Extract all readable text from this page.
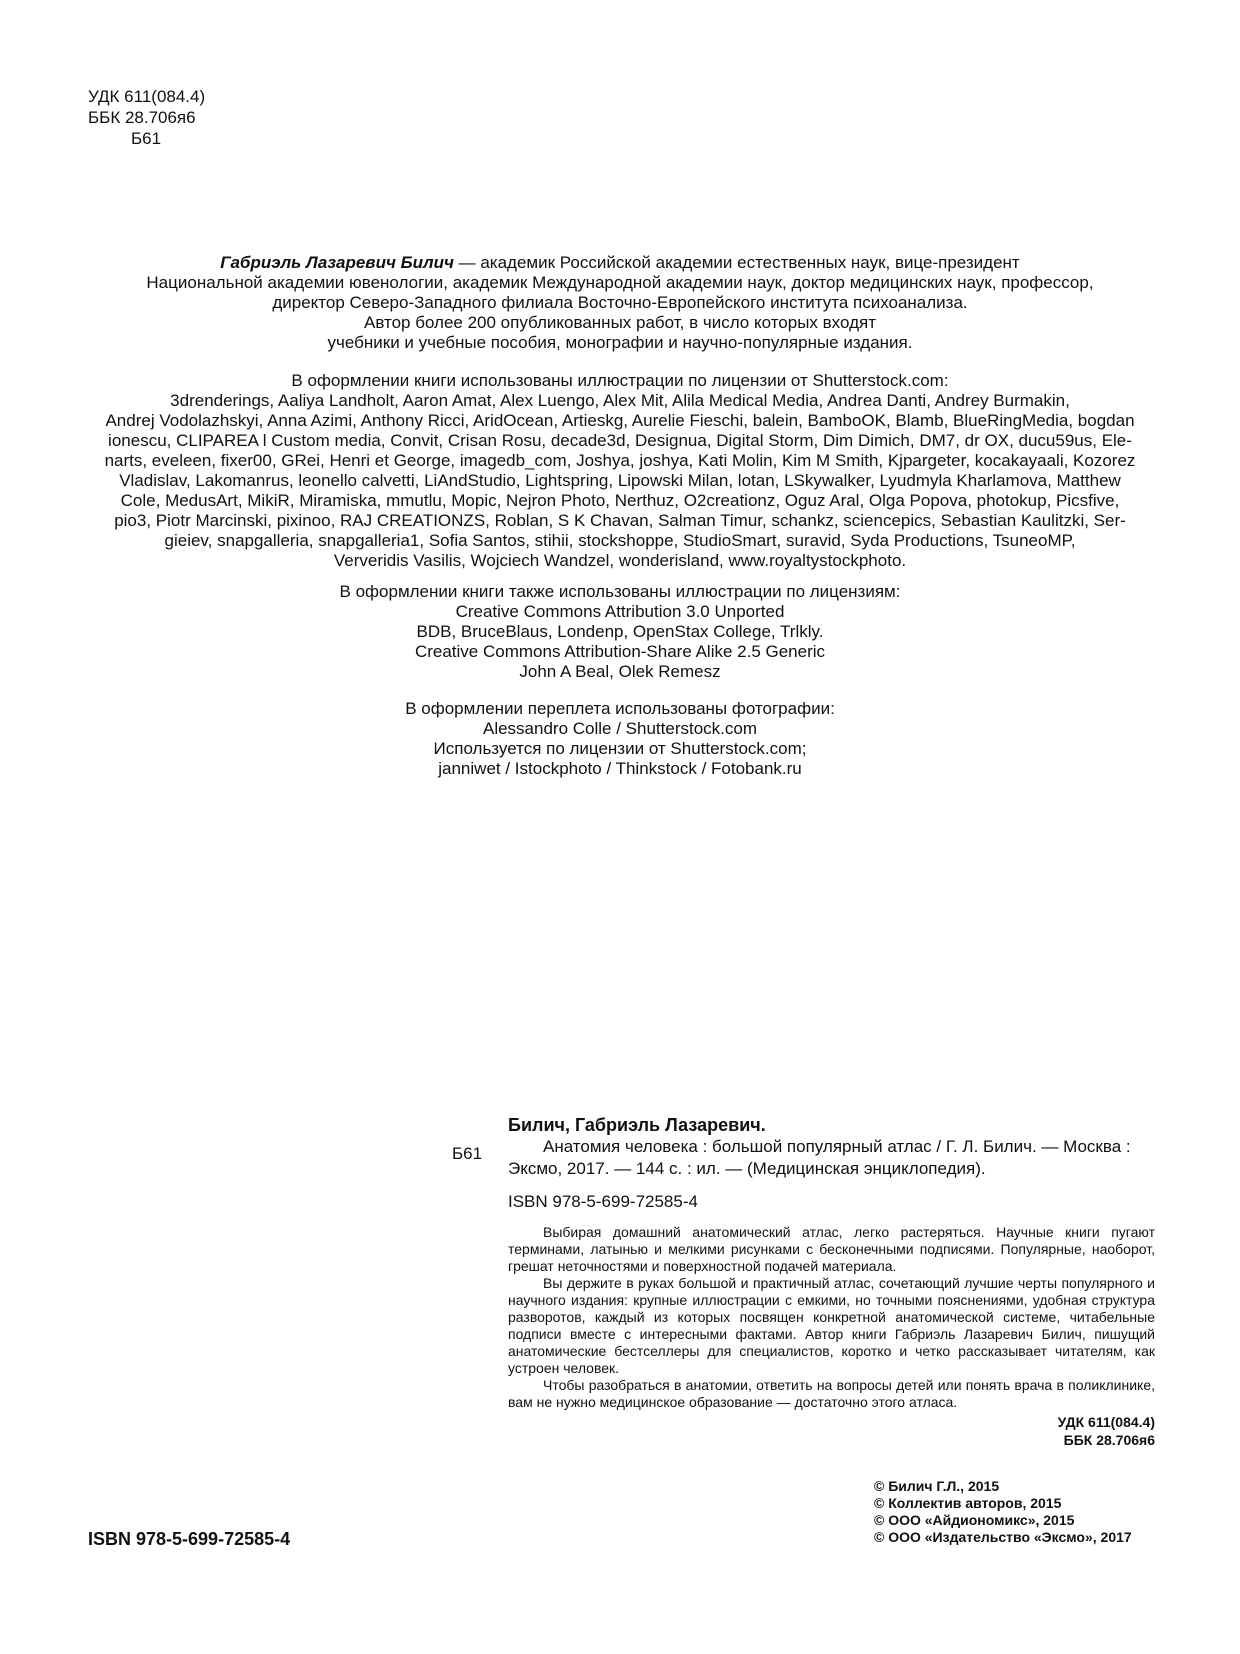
УДК 611(084.4)
ББК 28.706я6
Б61

Габриэль Лазаревич Билич — академик Российской академии естественных наук, вице-президент

Национальной академии ювенологии, академик Международной академии наук, доктор медицинских наук, профессор,

директор Северо-Западного филиала Восточно-Европейского института психоанализа.

Автор более 200 опубликованных работ, в число которых входят

учебники и учебные пособия, монографии и научно-популярные издания.

В оформлении книги использованы иллюстрации по лицензии от Shutterstock.com:

3drenderings, Aaliya Landholt, Aaron Amat, Alex Luengo, Alex Mit, Alila Medical Media, Andrea Danti, Andrey Burmakin,

Andrej Vodolazhskyi, Anna Azimi, Anthony Ricci, AridOcean, Artieskg, Aurelie Fieschi, balein, BamboOK, Blamb, BlueRingMedia, bogdan

ionescu, CLIPAREA l Custom media, Convit, Crisan Rosu, decade3d, Designua, Digital Storm, Dim Dimich, DM7, dr OX, ducu59us, Ele-

narts, eveleen, fixer00, GRei, Henri et George, imagedb_com, Joshya, joshya, Kati Molin, Kim M Smith, Kjpargeter, kocakayaali, Kozorez

Vladislav, Lakomanrus, leonello calvetti, LiAndStudio, Lightspring, Lipowski Milan, lotan, LSkywalker, Lyudmyla Kharlamova, Matthew

Cole, MedusArt, MikiR, Miramiska, mmutlu, Mopic, Nejron Photo, Nerthuz, O2creationz, Oguz Aral, Olga Popova, photokup, Picsfive,

pio3, Piotr Marcinski, pixinoo, RAJ CREATIONZS, Roblan, S K Chavan, Salman Timur, schankz, sciencepics, Sebastian Kaulitzki, Ser-

gieiev, snapgalleria, snapgalleria1, Sofia Santos, stihii, stockshoppe, StudioSmart, suravid, Syda Productions, TsuneoMP,

Ververidis Vasilis, Wojciech Wandzel, wonderisland, www.royaltystockphoto.

В оформлении книги также использованы иллюстрации по лицензиям:

Creative Commons Attribution 3.0 Unported

BDB, BruceBlaus, Londenp, OpenStax College, Trlkly.

Creative Commons Attribution-Share Alike 2.5 Generic

John A Beal, Olek Remesz

В оформлении переплета использованы фотографии:

Alessandro Colle / Shutterstock.com

Используется по лицензии от Shutterstock.com;

janniwet / Istockphoto / Thinkstock / Fotobank.ru

Б61
Билич, Габриэль Лазаревич.

Анатомия человека : большой популярный атлас / Г. Л. Билич. — Москва : Эксмо, 2017. — 144 с. : ил. — (Медицинская энциклопедия).

ISBN 978-5-699-72585-4

Выбирая домашний анатомический атлас, легко растеряться. Научные книги пугают терминами, латынью и мелкими рисунками с бесконечными подписями. Популярные, наоборот, грешат неточностями и поверхностной подачей материала.

Вы держите в руках большой и практичный атлас, сочетающий лучшие черты популярного и научного издания: крупные иллюстрации с емкими, но точными пояснениями, удобная структура разворотов, каждый из которых посвящен конкретной анатомической системе, читабельные подписи вместе с интересными фактами. Автор книги Габриэль Лазаревич Билич, пишущий анатомические бестселлеры для специалистов, коротко и четко рассказывает читателям, как устроен человек.

Чтобы разобраться в анатомии, ответить на вопросы детей или понять врача в поликлинике, вам не нужно медицинское образование — достаточно этого атласа.

УДК 611(084.4)
ББК 28.706я6
ISBN 978-5-699-72585-4
© Билич Г.Л., 2015
© Коллектив авторов, 2015
© ООО «Айдиономикс», 2015
© ООО «Издательство «Эксмо», 2017
